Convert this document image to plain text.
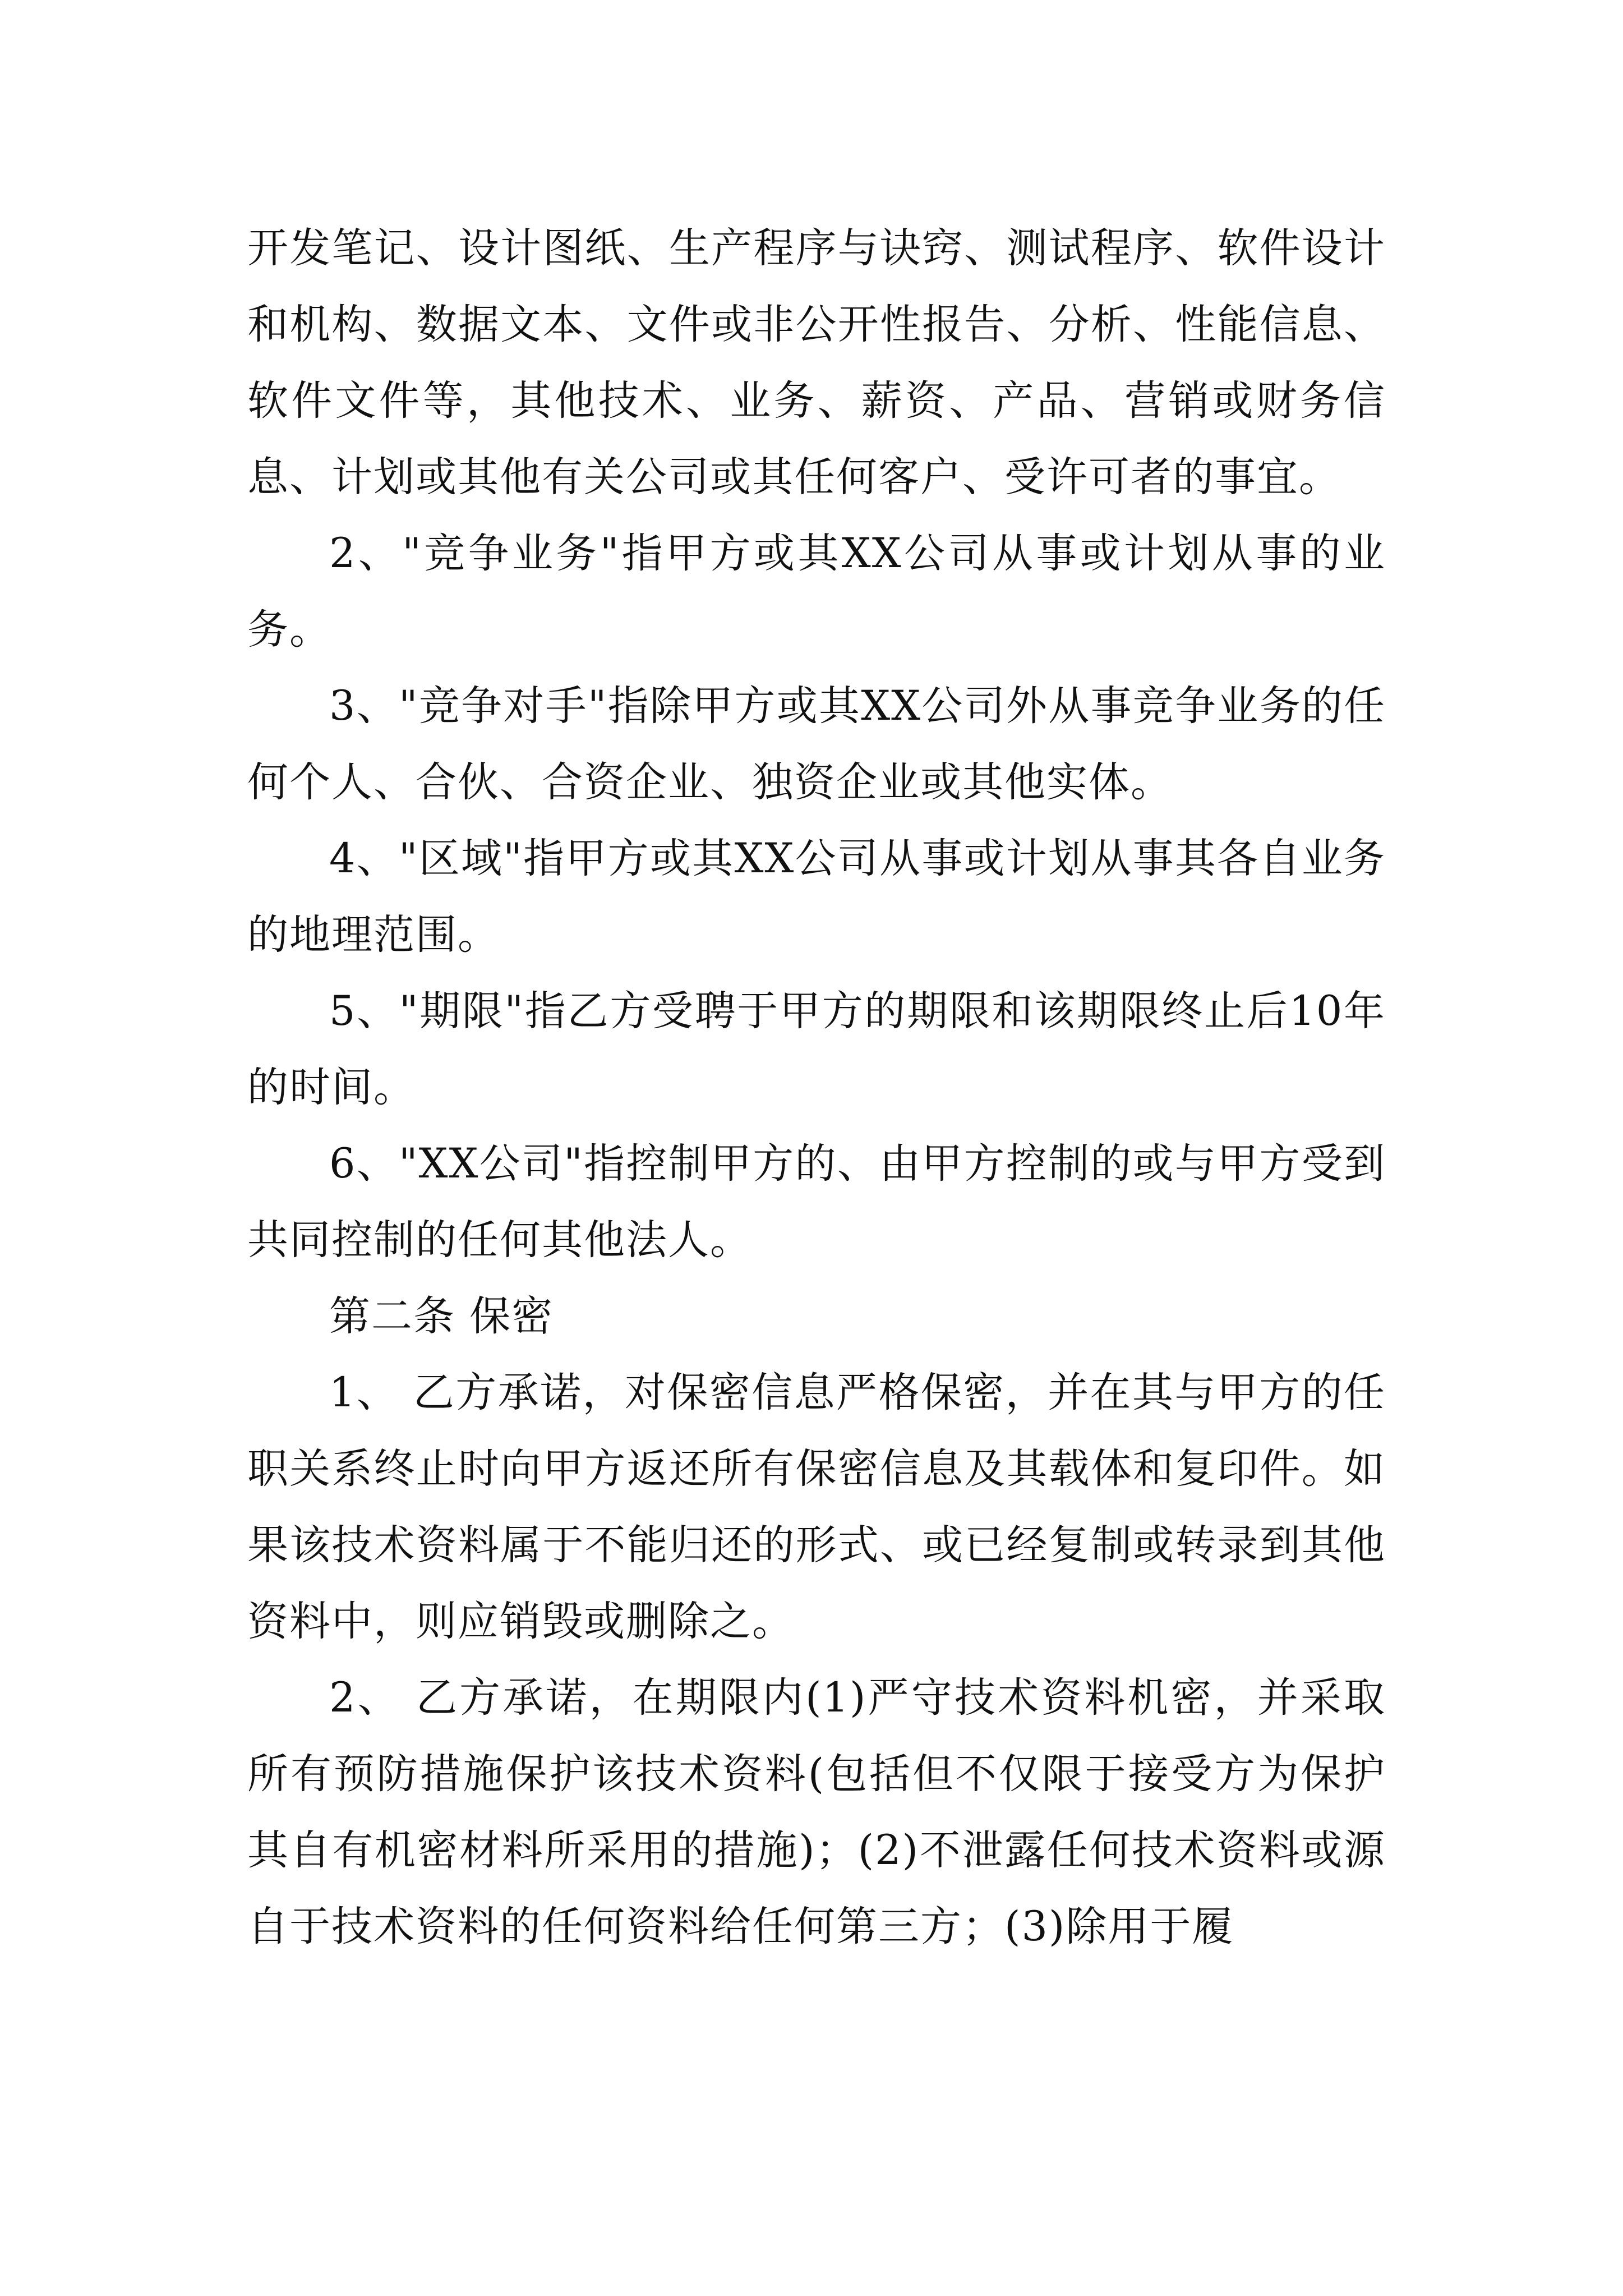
开发笔记、设计图纸、生产程序与诀窍、测试程序、软件设计和机构、数据文本、文件或非公开性报告、分析、性能信息、软件文件等，其他技术、业务、薪资、产品、营销或财务信息、计划或其他有关公司或其任何客户、受许可者的事宜。

2、"竞争业务"指甲方或其XX公司从事或计划从事的业务。

3、"竞争对手"指除甲方或其XX公司外从事竞争业务的任何个人、合伙、合资企业、独资企业或其他实体。

4、"区域"指甲方或其XX公司从事或计划从事其各自业务的地理范围。

5、"期限"指乙方受聘于甲方的期限和该期限终止后10年的时间。

6、"XX公司"指控制甲方的、由甲方控制的或与甲方受到共同控制的任何其他法人。

第二条 保密

1、 乙方承诺，对保密信息严格保密，并在其与甲方的任职关系终止时向甲方返还所有保密信息及其载体和复印件。如果该技术资料属于不能归还的形式、或已经复制或转录到其他资料中，则应销毁或删除之。

2、 乙方承诺，在期限内(1)严守技术资料机密，并采取所有预防措施保护该技术资料(包括但不仅限于接受方为保护其自有机密材料所采用的措施)；(2)不泄露任何技术资料或源自于技术资料的任何资料给任何第三方；(3)除用于履
